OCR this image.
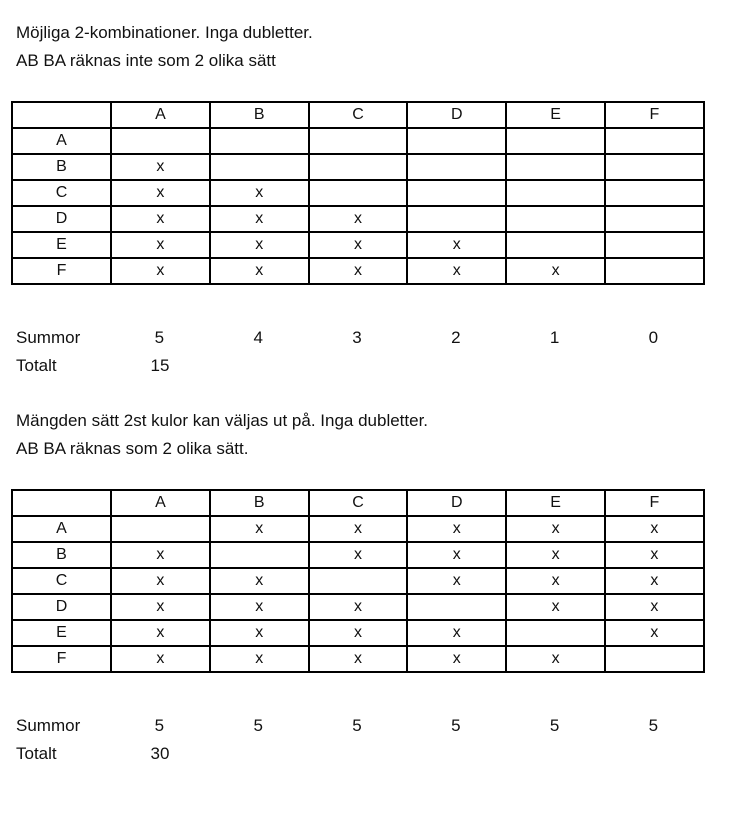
Möjliga 2-kombinationer. Inga dubletter.
AB BA räknas inte som 2 olika sätt
	A	B	C	D	E	F
A						
B	x					
C	x	x				
D	x	x	x			
E	x	x	x	x		
F	x	x	x	x	x	
Summor	5	4	3	2	1	0
Totalt	15
Mängden sätt 2st kulor kan väljas ut på. Inga dubletter.
AB BA räknas som 2 olika sätt.
	A	B	C	D	E	F
A		x	x	x	x	x
B	x		x	x	x	x
C	x	x		x	x	x
D	x	x	x		x	x
E	x	x	x	x		x
F	x	x	x	x	x	
Summor	5	5	5	5	5	5
Totalt	30
